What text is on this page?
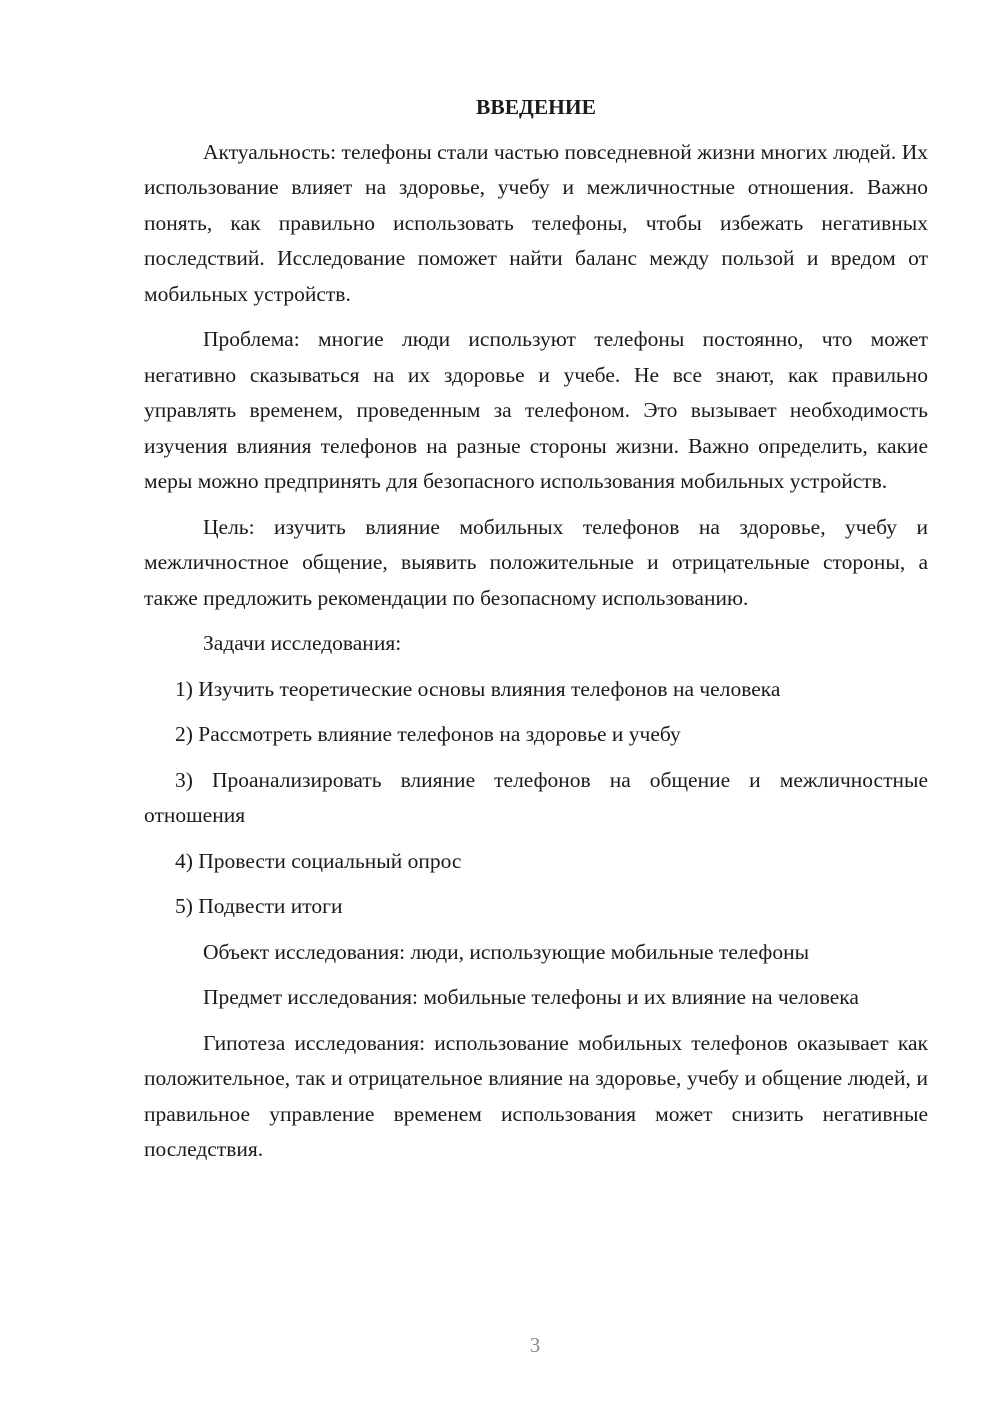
ВВЕДЕНИЕ

Актуальность: телефоны стали частью повседневной жизни многих людей. Их использование влияет на здоровье, учебу и межличностные отношения. Важно понять, как правильно использовать телефоны, чтобы избежать негативных последствий. Исследование поможет найти баланс между пользой и вредом от мобильных устройств.

Проблема: многие люди используют телефоны постоянно, что может негативно сказываться на их здоровье и учебе. Не все знают, как правильно управлять временем, проведенным за телефоном. Это вызывает необходимость изучения влияния телефонов на разные стороны жизни. Важно определить, какие меры можно предпринять для безопасного использования мобильных устройств.

Цель: изучить влияние мобильных телефонов на здоровье, учебу и межличностное общение, выявить положительные и отрицательные стороны, а также предложить рекомендации по безопасному использованию.

Задачи исследования:

1) Изучить теоретические основы влияния телефонов на человека

2) Рассмотреть влияние телефонов на здоровье и учебу

3) Проанализировать влияние телефонов на общение и межличностные отношения

4) Провести социальный опрос

5) Подвести итоги

Объект исследования: люди, использующие мобильные телефоны

Предмет исследования: мобильные телефоны и их влияние на человека

Гипотеза исследования: использование мобильных телефонов оказывает как положительное, так и отрицательное влияние на здоровье, учебу и общение людей, и правильное управление временем использования может снизить негативные последствия.

3
